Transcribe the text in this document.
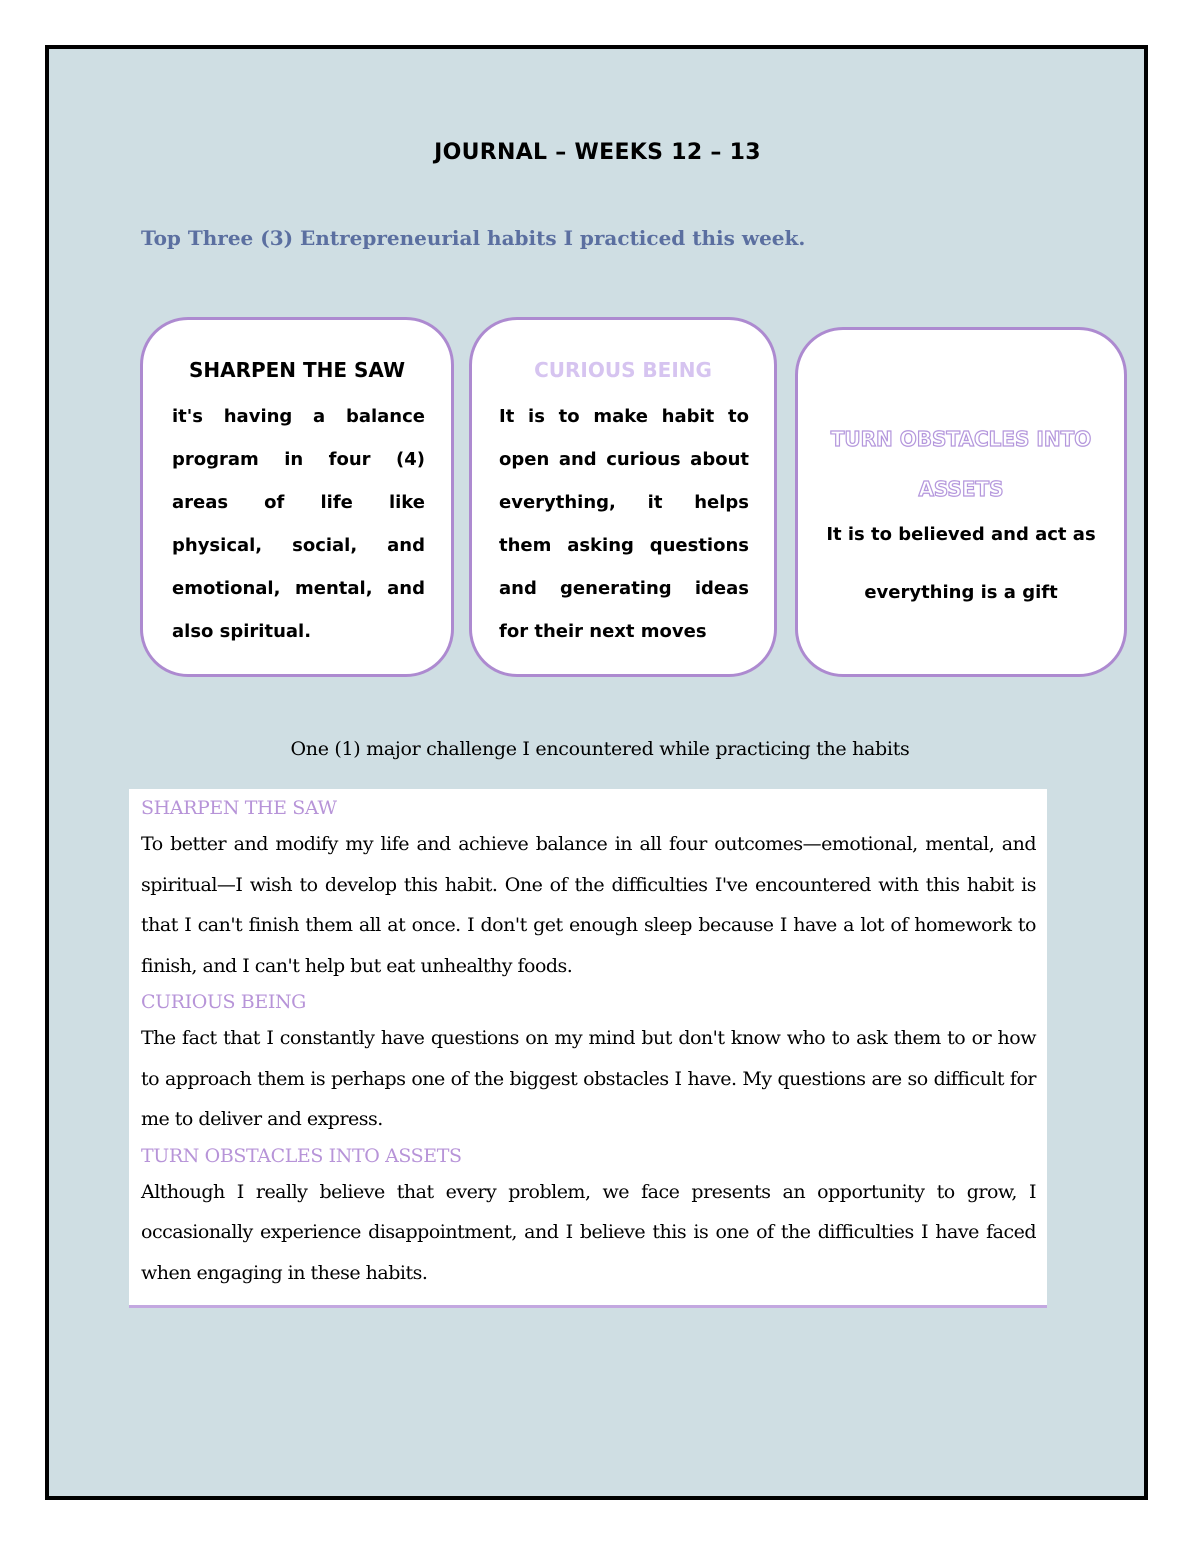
JOURNAL – WEEKS 12 – 13
Top Three (3) Entrepreneurial habits I practiced this week.
SHARPEN THE SAW
it's having a balance program in four (4) areas of life like physical, social, and emotional, mental, and also spiritual.
CURIOUS BEING
It is to make habit to open and curious about everything, it helps them asking questions and generating ideas for their next moves
TURN OBSTACLES INTO ASSETS
It is to believed and act as everything is a gift
One (1) major challenge I encountered while practicing the habits
SHARPEN THE SAW
To better and modify my life and achieve balance in all four outcomes—emotional, mental, and spiritual—I wish to develop this habit. One of the difficulties I've encountered with this habit is that I can't finish them all at once. I don't get enough sleep because I have a lot of homework to finish, and I can't help but eat unhealthy foods.
CURIOUS BEING
The fact that I constantly have questions on my mind but don't know who to ask them to or how to approach them is perhaps one of the biggest obstacles I have. My questions are so difficult for me to deliver and express.
TURN OBSTACLES INTO ASSETS
Although I really believe that every problem, we face presents an opportunity to grow, I occasionally experience disappointment, and I believe this is one of the difficulties I have faced when engaging in these habits.
